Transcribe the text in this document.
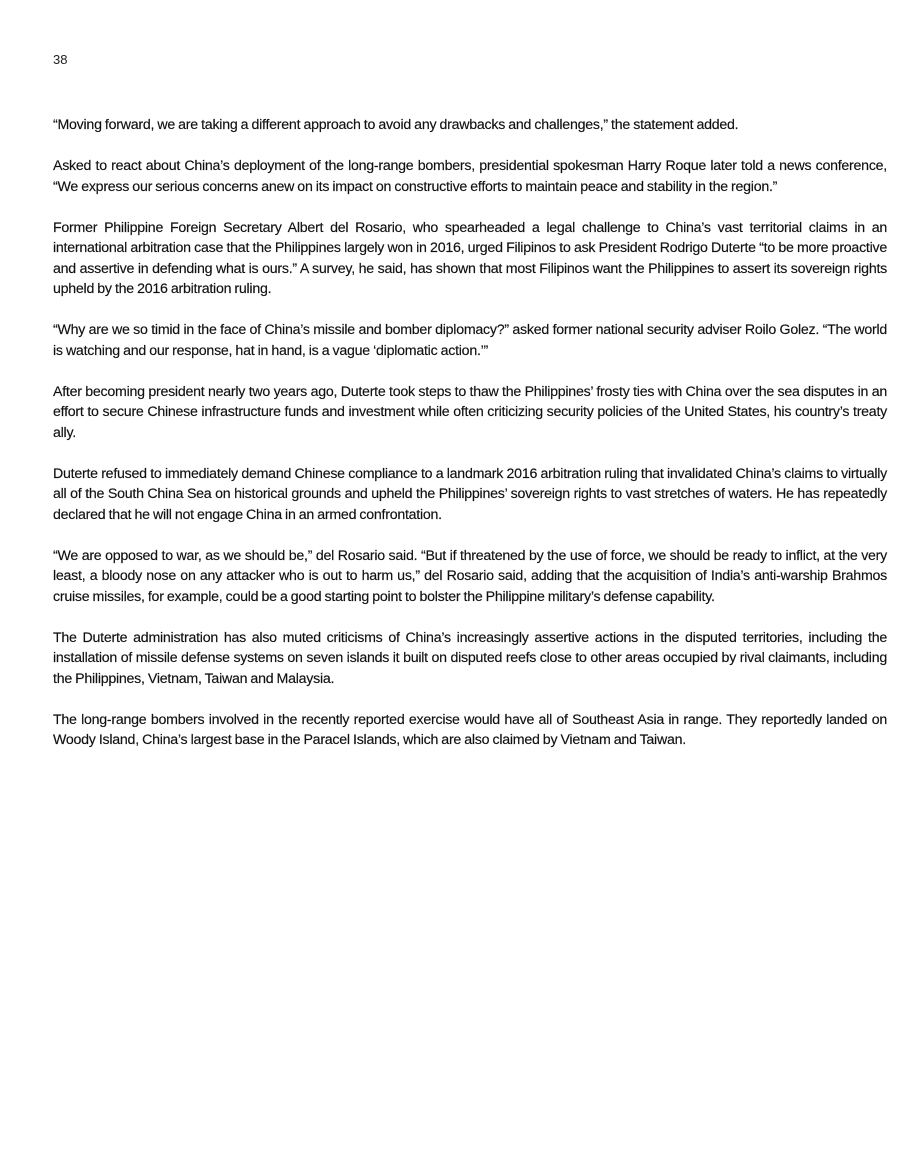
38

“Moving forward, we are taking a different approach to avoid any drawbacks and challenges,” the statement added.

Asked to react about China’s deployment of the long-range bombers, presidential spokesman Harry Roque later told a news conference, “We express our serious concerns anew on its impact on constructive efforts to maintain peace and stability in the region.”

Former Philippine Foreign Secretary Albert del Rosario, who spearheaded a legal challenge to China’s vast territorial claims in an international arbitration case that the Philippines largely won in 2016, urged Filipinos to ask President Rodrigo Duterte “to be more proactive and assertive in defending what is ours.” A survey, he said, has shown that most Filipinos want the Philippines to assert its sovereign rights upheld by the 2016 arbitration ruling.

“Why are we so timid in the face of China’s missile and bomber diplomacy?” asked former national security adviser Roilo Golez. “The world is watching and our response, hat in hand, is a vague ‘diplomatic action.’”

After becoming president nearly two years ago, Duterte took steps to thaw the Philippines’ frosty ties with China over the sea disputes in an effort to secure Chinese infrastructure funds and investment while often criticizing security policies of the United States, his country’s treaty ally.

Duterte refused to immediately demand Chinese compliance to a landmark 2016 arbitration ruling that invalidated China’s claims to virtually all of the South China Sea on historical grounds and upheld the Philippines’ sovereign rights to vast stretches of waters. He has repeatedly declared that he will not engage China in an armed confrontation.

“We are opposed to war, as we should be,” del Rosario said. “But if threatened by the use of force, we should be ready to inflict, at the very least, a bloody nose on any attacker who is out to harm us,” del Rosario said, adding that the acquisition of India’s anti-warship Brahmos cruise missiles, for example, could be a good starting point to bolster the Philippine military’s defense capability.

The Duterte administration has also muted criticisms of China’s increasingly assertive actions in the disputed territories, including the installation of missile defense systems on seven islands it built on disputed reefs close to other areas occupied by rival claimants, including the Philippines, Vietnam, Taiwan and Malaysia.

The long-range bombers involved in the recently reported exercise would have all of Southeast Asia in range. They reportedly landed on Woody Island, China’s largest base in the Paracel Islands, which are also claimed by Vietnam and Taiwan.
